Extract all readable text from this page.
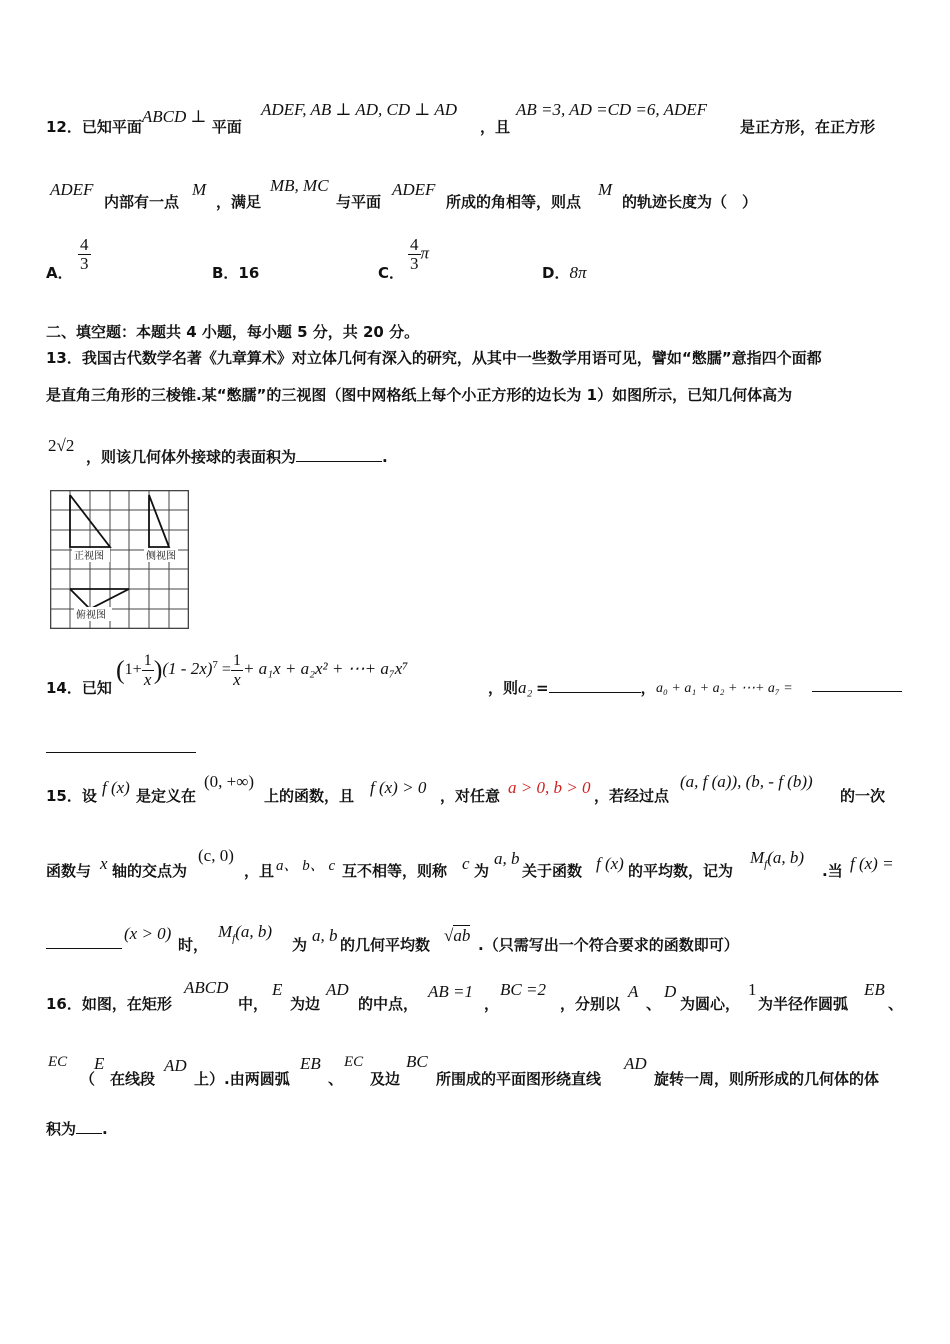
12．已知平面ABCD ⊥ 平面
ADEF, AB ⊥ AD, CD ⊥ AD
，且
AB =3, AD =CD =6, ADEF
是正方形，在正方形
ADEF
内部有一点
M
，满足
MB, MC
与平面
ADEF
所成的角相等，则点
M
的轨迹长度为（　）
A． $\frac{4}{3}$	B．16	C． $\frac{4}{3}$ π
D．8π
二、填空题：本题共 4 小题，每小题 5 分，共 20 分。
13．我国古代数学名著《九章算术》对立体几何有深入的研究，从其中一些数学用语可见，譬如“憋臑”意指四个面都
是直角三角形的三棱锥.某“憋臑”的三视图（图中网格纸上每个小正方形的边长为 1）如图所示，已知几何体高为
2√2
，则该几何体外接球的表面积为	.
正视图	侧视图
俯视图
14．已知
$(1+ \frac{1}{x} )(1 - 2x)^7 = \frac{1}{x} + a_1x + a_2x^2$ + ⋯+ a₇x⁷
，则 a₂ =	， a₀ + a₁ + a₂ + ⋯+ a₇ =
15．设 f (x) 是定义在
(0, +∞)
上的函数，且 f (x) > 0 ，对任意 a > 0, b > 0 ，若经过点
(a, f (a)), (b, - f (b))
的一次
函数与 x 轴的交点为
(c, 0)
，且 a、 b、 c 互不相等，则称 c 为
a, b
关于函数 f (x) 的平均数，记为
$M_f(a$, b)
.当 f (x) =
(x > 0)
时，
$M_f(a$, b)
为 a, b 的几何平均数 √ab .（只需写出一个符合要求的函数即可）
16．如图，在矩形
ABCD
中，
E
为边
AD
的中点，
AB =1
，
BC =2
，分别以
A
、
D
为圆心，
1
为半径作圆弧
EB
、
EC
（
E
在线段
AD
上）.由两圆弧
EB
、
EC
及边
BC
所围成的平面图形绕直线
AD
旋转一周，则所形成的几何体的体
积为 .
